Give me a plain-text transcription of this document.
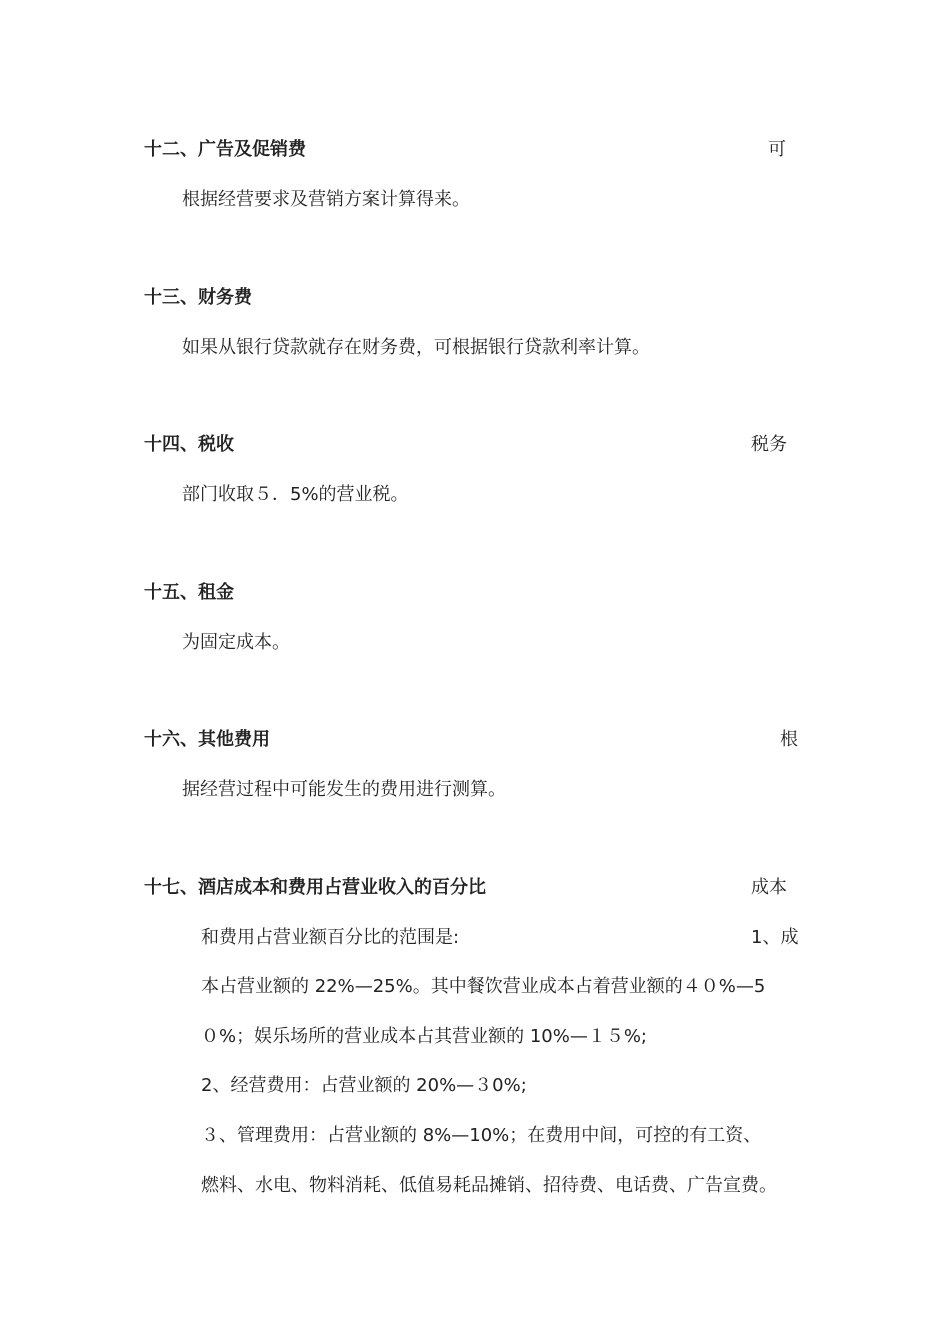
十二、广告及促销费	可
根据经营要求及营销方案计算得来。
十三、财务费
如果从银行贷款就存在财务费，可根据银行贷款利率计算。
十四、税收	税务
部门收取５．5%的营业税。
十五、租金
为固定成本。
十六、其他费用	根
据经营过程中可能发生的费用进行测算。
十七、酒店成本和费用占营业收入的百分比	成本
和费用占营业额百分比的范围是:	1、成
本占营业额的 22%—25%。其中餐饮营业成本占着营业额的４０%—5
０%；娱乐场所的营业成本占其营业额的 10%—１５%;
2、经营费用：占营业额的 20%—３0%;
３、管理费用：占营业额的 8%—10%；在费用中间，可控的有工资、
燃料、水电、物料消耗、低值易耗品摊销、招待费、电话费、广告宣费。
